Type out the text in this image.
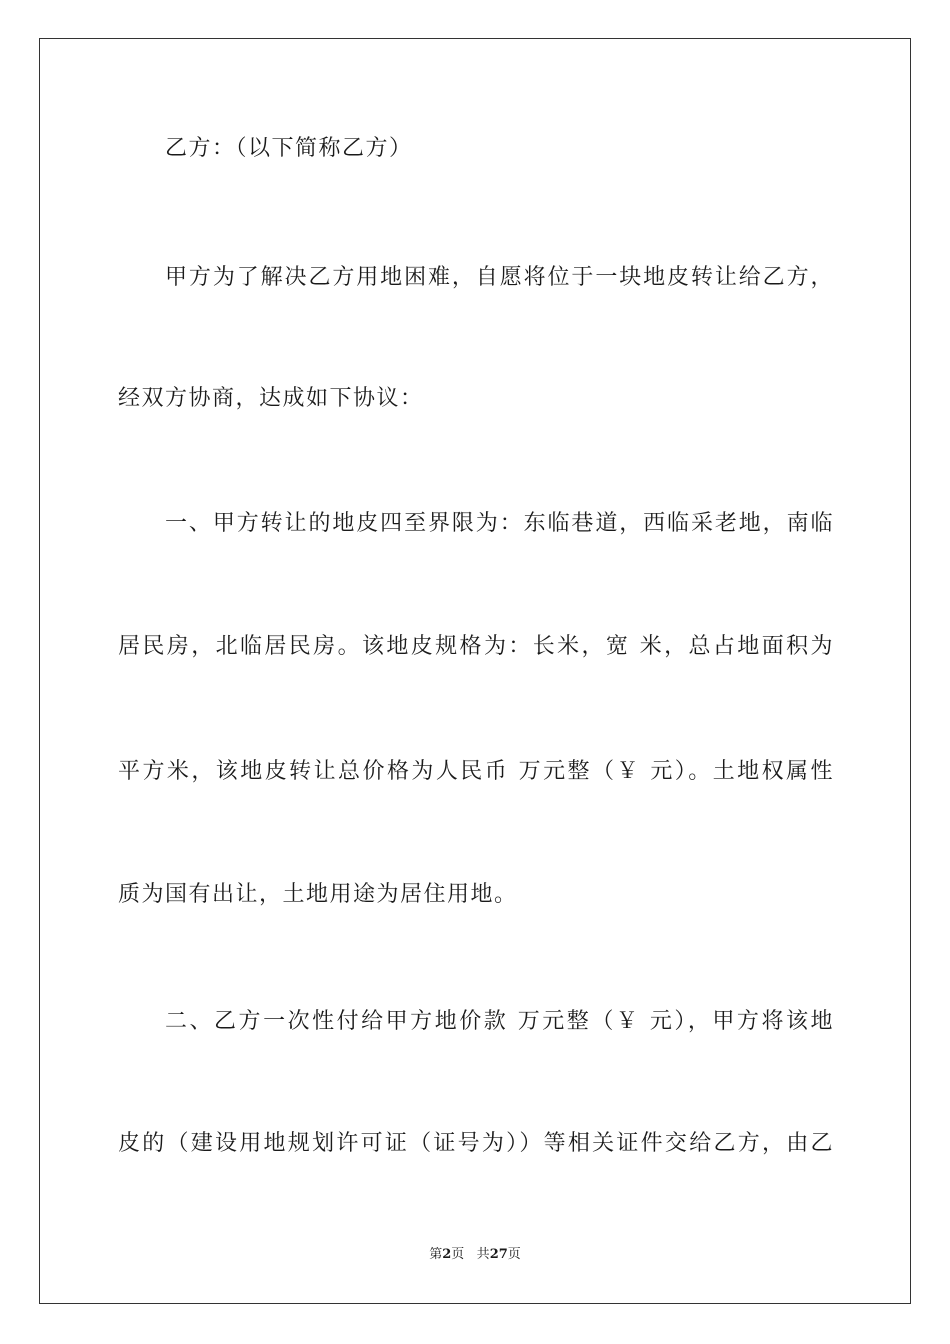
乙方：（以下简称乙方）
甲方为了解决乙方用地困难，自愿将位于一块地皮转让给乙方，
经双方协商，达成如下协议：
一、甲方转让的地皮四至界限为：东临巷道，西临采老地，南临
居民房，北临居民房。该地皮规格为：长米，宽 米，总占地面积为
平方米，该地皮转让总价格为人民币 万元整（￥ 元）。土地权属性
质为国有出让，土地用途为居住用地。
二、乙方一次性付给甲方地价款 万元整（￥ 元），甲方将该地
皮的（建设用地规划许可证（证号为））等相关证件交给乙方，由乙
第2页 共27页
